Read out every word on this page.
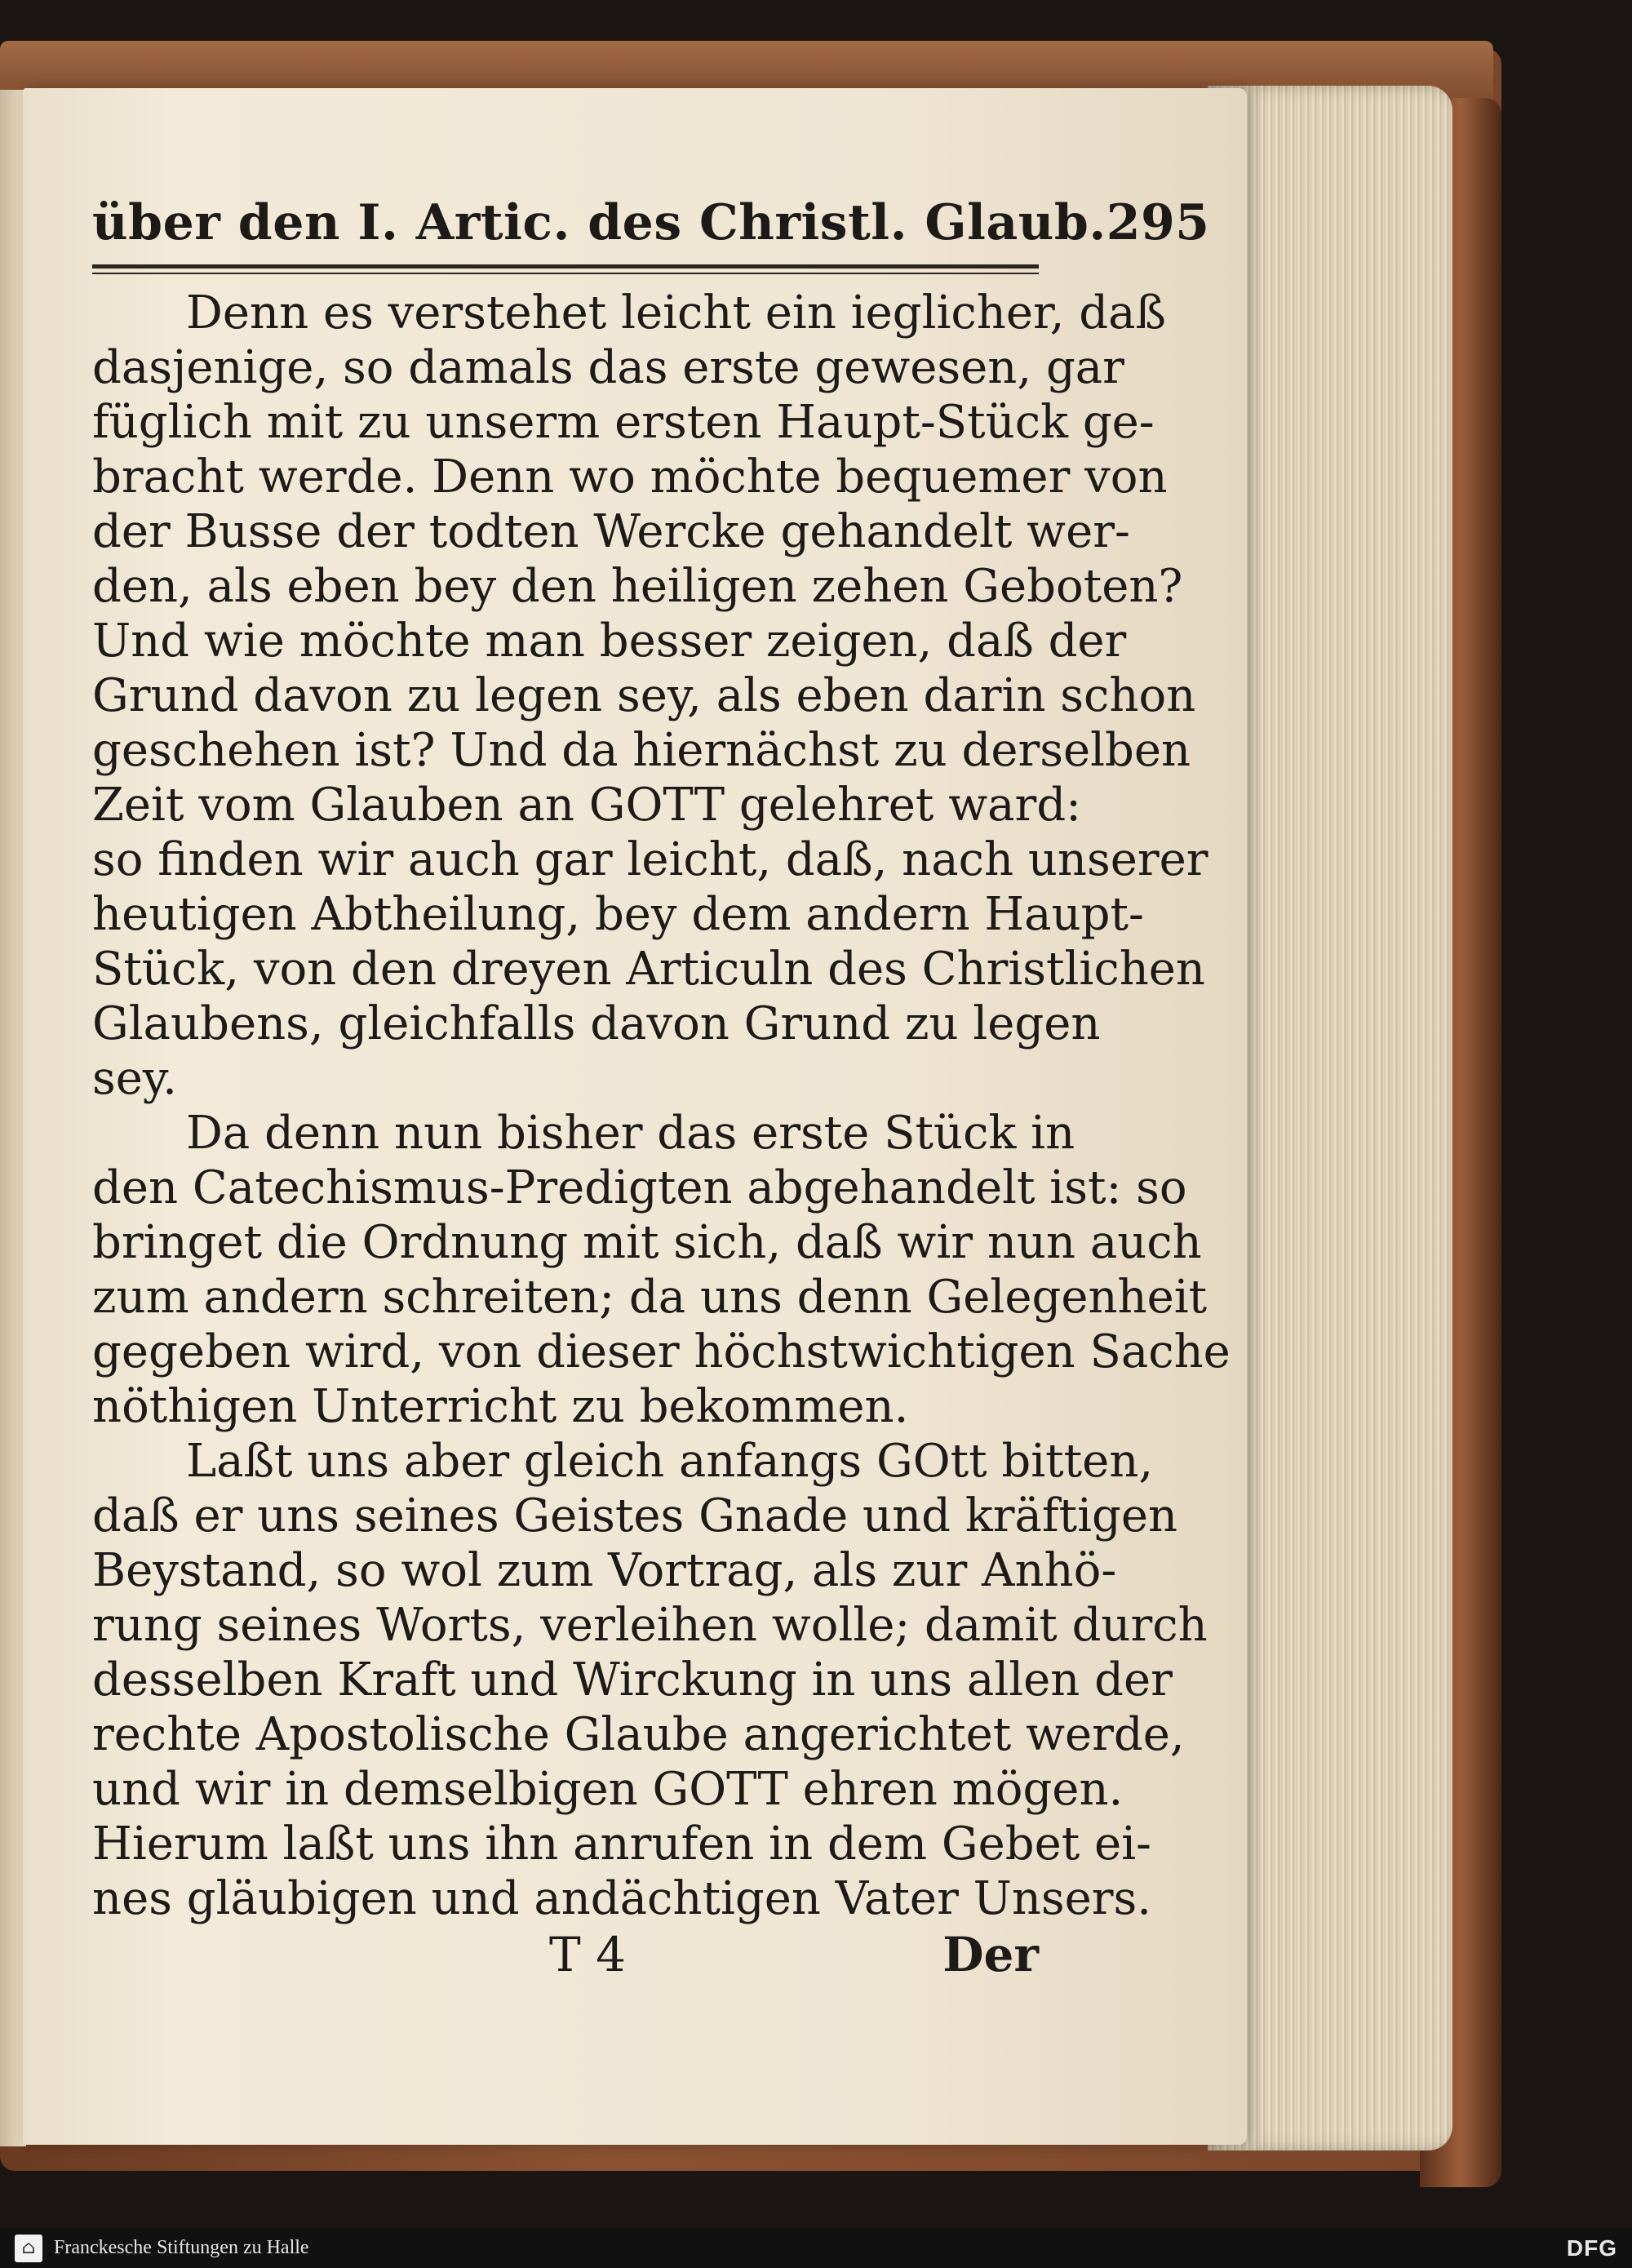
über den I. Artic. des Christl. Glaub. 295
Denn es verstehet leicht ein ieglicher, daß
dasjenige, so damals das erste gewesen, gar
füglich mit zu unserm ersten Haupt-Stück ge-
bracht werde. Denn wo möchte bequemer von
der Busse der todten Wercke gehandelt wer-
den, als eben bey den heiligen zehen Geboten?
Und wie möchte man besser zeigen, daß der
Grund davon zu legen sey, als eben darin schon
geschehen ist? Und da hiernächst zu derselben
Zeit vom Glauben an GOTT gelehret ward:
so finden wir auch gar leicht, daß, nach unserer
heutigen Abtheilung, bey dem andern Haupt-
Stück, von den dreyen Articuln des Christlichen
Glaubens, gleichfalls davon Grund zu legen
sey.
Da denn nun bisher das erste Stück in
den Catechismus-Predigten abgehandelt ist: so
bringet die Ordnung mit sich, daß wir nun auch
zum andern schreiten; da uns denn Gelegenheit
gegeben wird, von dieser höchstwichtigen Sache
nöthigen Unterricht zu bekommen.
Laßt uns aber gleich anfangs GOtt bitten,
daß er uns seines Geistes Gnade und kräftigen
Beystand, so wol zum Vortrag, als zur Anhö-
rung seines Worts, verleihen wolle; damit durch
desselben Kraft und Wirckung in uns allen der
rechte Apostolische Glaube angerichtet werde,
und wir in demselbigen GOTT ehren mögen.
Hierum laßt uns ihn anrufen in dem Gebet ei-
nes gläubigen und andächtigen Vater Unsers.
T 4	Der
⌂ Franckesche Stiftungen zu Halle	DFG
